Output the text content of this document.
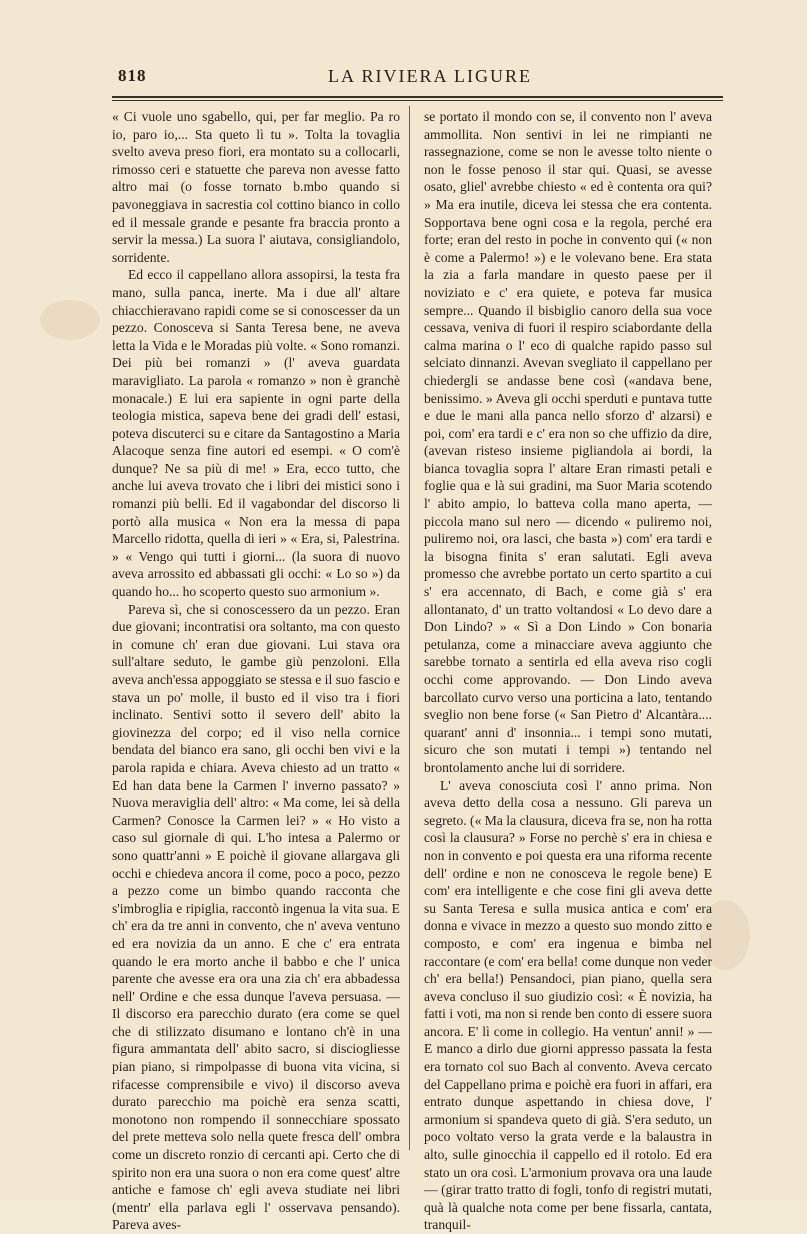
818	LA RIVIERA LIGURE

« Ci vuole uno sgabello, qui, per far meglio. Pa ro io, paro io,... Sta queto lì tu ». Tolta la tovaglia svelto aveva preso fiori, era montato su a collocarli, rimosso ceri e statuette che pareva non avesse fatto altro mai (o fosse tornato b.mbo quando si pavoneggiava in sacrestia col cottino bianco in collo ed il messale grande e pesante fra braccia pronto a servir la messa.) La suora l' aiutava, consigliandolo, sorridente.

Ed ecco il cappellano allora assopirsi, la testa fra mano, sulla panca, inerte. Ma i due all' altare chiacchieravano rapidi come se si conoscesser da un pezzo. Conosceva si Santa Teresa bene, ne aveva letta la Vida e le Moradas più volte. « Sono romanzi. Dei più bei romanzi » (l' aveva guardata maravigliato. La parola « romanzo » non è granchè monacale.) E lui era sapiente in ogni parte della teologia mistica, sapeva bene dei gradi dell' estasi, poteva discuterci su e citare da Santagostino a Maria Alacoque senza fine autori ed esempi. « O com'è dunque? Ne sa più di me! » Era, ecco tutto, che anche lui aveva trovato che i libri dei mistici sono i romanzi più belli. Ed il vagabondar del discorso li portò alla musica « Non era la messa di papa Marcello ridotta, quella di ieri » « Era, si, Palestrina. » « Vengo qui tutti i giorni... (la suora di nuovo aveva arrossito ed abbassati gli occhi: « Lo so ») da quando ho... ho scoperto questo suo armonium ».

Pareva sì, che si conoscessero da un pezzo. Eran due giovani; incontratisi ora soltanto, ma con questo in comune ch' eran due giovani. Lui stava ora sull'altare seduto, le gambe giù penzoloni. Ella aveva anch'essa appoggiato se stessa e il suo fascio e stava un po' molle, il busto ed il viso tra i fiori inclinato. Sentivi sotto il severo dell' abito la giovinezza del corpo; ed il viso nella cornice bendata del bianco era sano, gli occhi ben vivi e la parola rapida e chiara. Aveva chiesto ad un tratto « Ed han data bene la Carmen l' inverno passato? » Nuova meraviglia dell' altro: « Ma come, lei sà della Carmen? Conosce la Carmen lei? » « Ho visto a caso sul giornale di qui. L'ho intesa a Palermo or sono quattr'anni » E poichè il giovane allargava gli occhi e chiedeva ancora il come, poco a poco, pezzo a pezzo come un bimbo quando racconta che s'imbroglia e ripiglia, raccontò ingenua la vita sua. E ch' era da tre anni in convento, che n' aveva ventuno ed era novizia da un anno. E che c' era entrata quando le era morto anche il babbo e che l' unica parente che avesse era ora una zia ch' era abbadessa nell' Ordine e che essa dunque l'aveva persuasa. — Il discorso era parecchio durato (era come se quel che di stilizzato disumano e lontano ch'è in una figura ammantata dell' abito sacro, si disciogliesse pian piano, si rimpolpasse di buona vita vicina, si rifacesse comprensibile e vivo) il discorso aveva durato parecchio ma poichè era senza scatti, monotono non rompendo il sonnecchiare spossato del prete metteva solo nella quete fresca dell' ombra come un discreto ronzio di cercanti api. Certo che di spirito non era una suora o non era come quest' altre antiche e famose ch' egli aveva studiate nei libri (mentr' ella parlava egli l' osservava pensando). Pareva aves-

se portato il mondo con se, il convento non l' aveva ammollita. Non sentivi in lei ne rimpianti ne rassegnazione, come se non le avesse tolto niente o non le fosse penoso il star qui. Quasi, se avesse osato, gliel' avrebbe chiesto « ed è contenta ora qui? » Ma era inutile, diceva lei stessa che era contenta. Sopportava bene ogni cosa e la regola, perché era forte; eran del resto in poche in convento qui (« non è come a Palermo! ») e le volevano bene. Era stata la zia a farla mandare in questo paese per il noviziato e c' era quiete, e poteva far musica sempre... Quando il bisbiglio canoro della sua voce cessava, veniva di fuori il respiro sciabordante della calma marina o l' eco di qualche rapido passo sul selciato dinnanzi. Avevan svegliato il cappellano per chiedergli se andasse bene così («andava bene, benissimo. » Aveva gli occhi sperduti e puntava tutte e due le mani alla panca nello sforzo d' alzarsi) e poi, com' era tardi e c' era non so che uffizio da dire, (avevan risteso insieme pigliandola ai bordi, la bianca tovaglia sopra l' altare Eran rimasti petali e foglie qua e là sui gradini, ma Suor Maria scotendo l' abito ampio, lo batteva colla mano aperta, — piccola mano sul nero — dicendo « puliremo noi, puliremo noi, ora lasci, che basta ») com' era tardi e la bisogna finita s' eran salutati. Egli aveva promesso che avrebbe portato un certo spartito a cui s' era accennato, di Bach, e come già s' era allontanato, d' un tratto voltandosi « Lo devo dare a Don Lindo? » « Sì a Don Lindo » Con bonaria petulanza, come a minacciare aveva aggiunto che sarebbe tornato a sentirla ed ella aveva riso cogli occhi come approvando. — Don Lindo aveva barcollato curvo verso una porticina a lato, tentando sveglio non bene forse (« San Pietro d' Alcantàra.... quarant' anni d' insonnia... i tempi sono mutati, sicuro che son mutati i tempi ») tentando nel brontolamento anche lui di sorridere.

L' aveva conosciuta così l' anno prima. Non aveva detto della cosa a nessuno. Gli pareva un segreto. (« Ma la clausura, diceva fra se, non ha rotta così la clausura? » Forse no perchè s' era in chiesa e non in convento e poi questa era una riforma recente dell' ordine e non ne conosceva le regole bene) E com' era intelligente e che cose fini gli aveva dette su Santa Teresa e sulla musica antica e com' era donna e vivace in mezzo a questo suo mondo zitto e composto, e com' era ingenua e bimba nel raccontare (e com' era bella! come dunque non veder ch' era bella!) Pensandoci, pian piano, quella sera aveva concluso il suo giudizio così: « È novizia, ha fatti i voti, ma non si rende ben conto di essere suora ancora. E' lì come in collegio. Ha ventun' anni! » — E manco a dirlo due giorni appresso passata la festa era tornato col suo Bach al convento. Aveva cercato del Cappellano prima e poichè era fuori in affari, era entrato dunque aspettando in chiesa dove, l' armonium si spandeva queto di già. S'era seduto, un poco voltato verso la grata verde e la balaustra in alto, sulle ginocchia il cappello ed il rotolo. Ed era stato un ora così. L'armonium provava ora una laude — (girar tratto tratto di fogli, tonfo di registri mutati, quà là qualche nota come per bene fissarla, cantata, tranquil-
